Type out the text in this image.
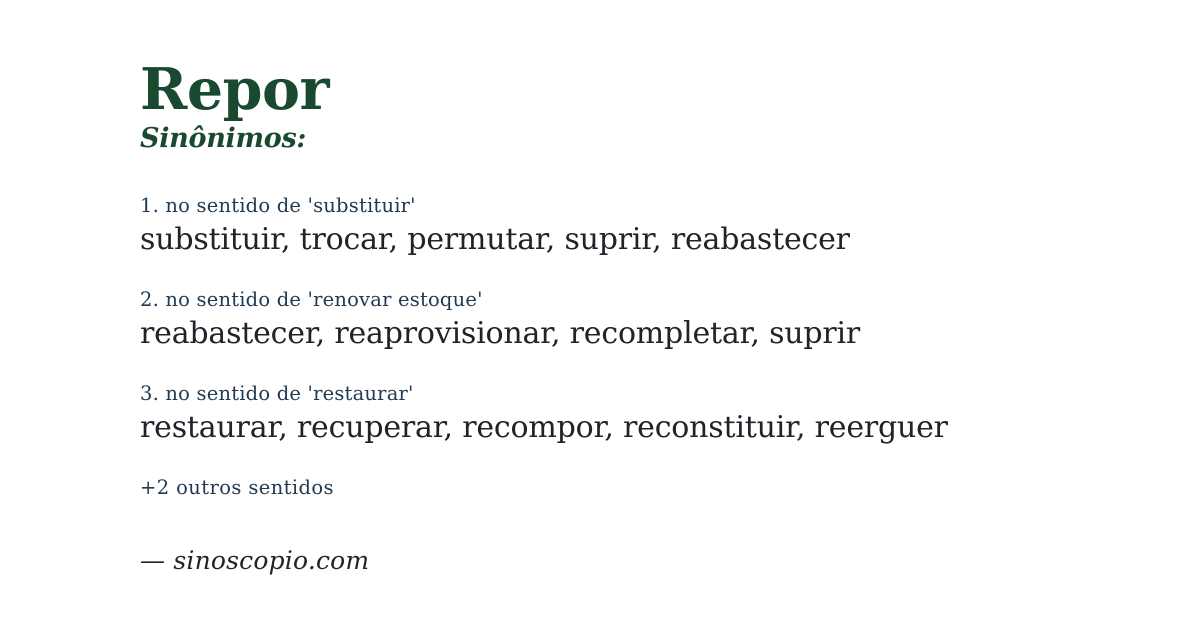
Repor
Sinônimos:
1. no sentido de 'substituir'
substituir, trocar, permutar, suprir, reabastecer
2. no sentido de 'renovar estoque'
reabastecer, reaprovisionar, recompletar, suprir
3. no sentido de 'restaurar'
restaurar, recuperar, recompor, reconstituir, reerguer
+2 outros sentidos
— sinoscopio.com
